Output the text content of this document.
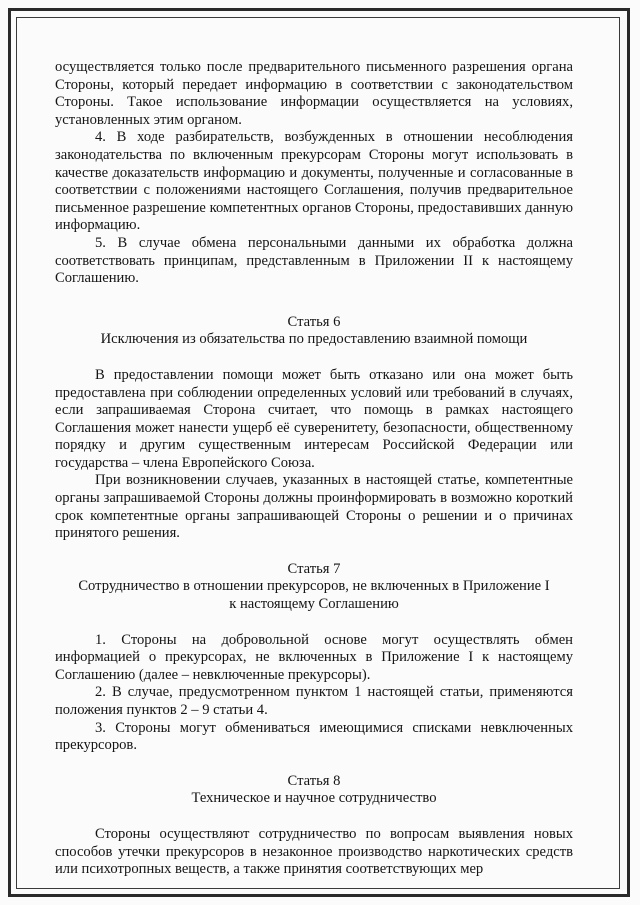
осуществляется только после предварительного письменного разрешения органа Стороны, который передает информацию в соответствии с законодательством Стороны. Такое использование информации осуществляется на условиях, установленных этим органом.

4. В ходе разбирательств, возбужденных в отношении несоблюдения законодательства по включенным прекурсорам Стороны могут использовать в качестве доказательств информацию и документы, полученные и согласованные в соответствии с положениями настоящего Соглашения, получив предварительное письменное разрешение компетентных органов Стороны, предоставивших данную информацию.

5. В случае обмена персональными данными их обработка должна соответствовать принципам, представленным в Приложении II к настоящему Соглашению.

Статья 6
Исключения из обязательства по предоставлению взаимной помощи

В предоставлении помощи может быть отказано или она может быть предоставлена при соблюдении определенных условий или требований в случаях, если запрашиваемая Сторона считает, что помощь в рамках настоящего Соглашения может нанести ущерб её суверенитету, безопасности, общественному порядку и другим существенным интересам Российской Федерации или государства – члена Европейского Союза.

При возникновении случаев, указанных в настоящей статье, компетентные органы запрашиваемой Стороны должны проинформировать в возможно короткий срок компетентные органы запрашивающей Стороны о решении и о причинах принятого решения.

Статья 7
Сотрудничество в отношении прекурсоров, не включенных в Приложение I
к настоящему Соглашению

1. Стороны на добровольной основе могут осуществлять обмен информацией о прекурсорах, не включенных в Приложение I к настоящему Соглашению (далее – невключенные прекурсоры).

2. В случае, предусмотренном пунктом 1 настоящей статьи, применяются положения пунктов 2 – 9 статьи 4.

3. Стороны могут обмениваться имеющимися списками невключенных прекурсоров.

Статья 8
Техническое и научное сотрудничество

Стороны осуществляют сотрудничество по вопросам выявления новых способов утечки прекурсоров в незаконное производство наркотических средств или психотропных веществ, а также принятия соответствующих мер
